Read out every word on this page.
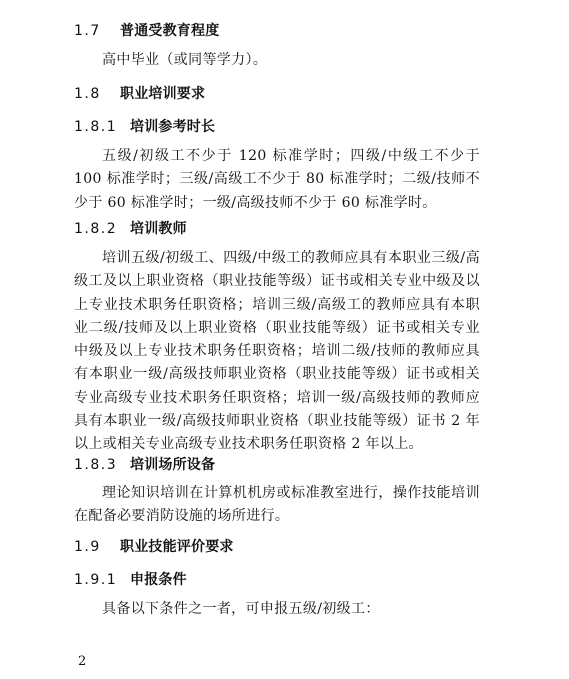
1.7 普通受教育程度

高中毕业（或同等学力）。

1.8 职业培训要求
1.8.1 培训参考时长

五级/初级工不少于 120 标准学时；四级/中级工不少于 100 标准学时；三级/高级工不少于 80 标准学时；二级/技师不少于 60 标准学时；一级/高级技师不少于 60 标准学时。

1.8.2 培训教师

培训五级/初级工、四级/中级工的教师应具有本职业三级/高级工及以上职业资格（职业技能等级）证书或相关专业中级及以上专业技术职务任职资格；培训三级/高级工的教师应具有本职业二级/技师及以上职业资格（职业技能等级）证书或相关专业中级及以上专业技术职务任职资格；培训二级/技师的教师应具有本职业一级/高级技师职业资格（职业技能等级）证书或相关专业高级专业技术职务任职资格；培训一级/高级技师的教师应具有本职业一级/高级技师职业资格（职业技能等级）证书 2 年以上或相关专业高级专业技术职务任职资格 2 年以上。

1.8.3 培训场所设备

理论知识培训在计算机机房或标准教室进行，操作技能培训在配备必要消防设施的场所进行。

1.9 职业技能评价要求
1.9.1 申报条件

具备以下条件之一者，可申报五级/初级工：

2
